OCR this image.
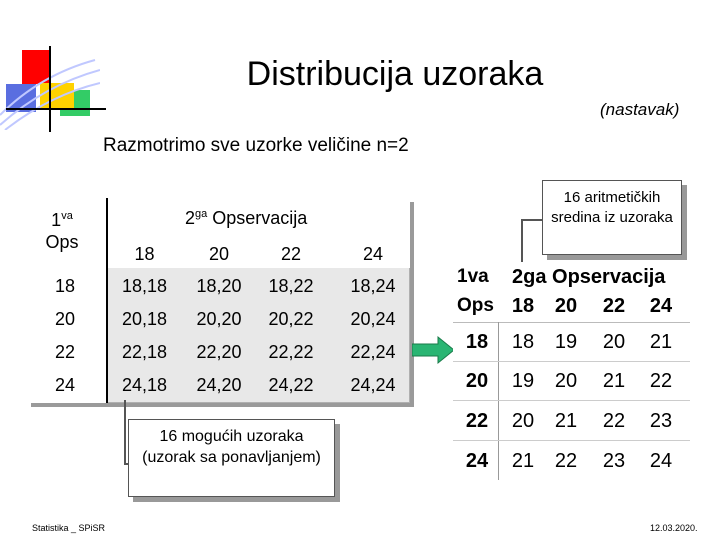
Distribucija uzoraka
(nastavak)
Razmotrimo sve uzorke veličine n=2
$1^{va}$
Ops
$2^{ga}$ Opservacija
18	20	22	24
18	18,18	18,20	18,22	18,24
20	20,18	20,20	20,22	20,24
22	22,18	22,20	22,22	22,24
24	24,18	24,20	24,22	24,24
16 mogućih uzoraka (uzorak sa ponavljanjem)
16 aritmetičkih sredina iz uzoraka
1va
Ops
2ga Opservacija
18	20	22	24
18	18	19	20	21
20	19	20	21	22
22	20	21	22	23
24	21	22	23	24
Statistika _ SPiSR	12.03.2020.
